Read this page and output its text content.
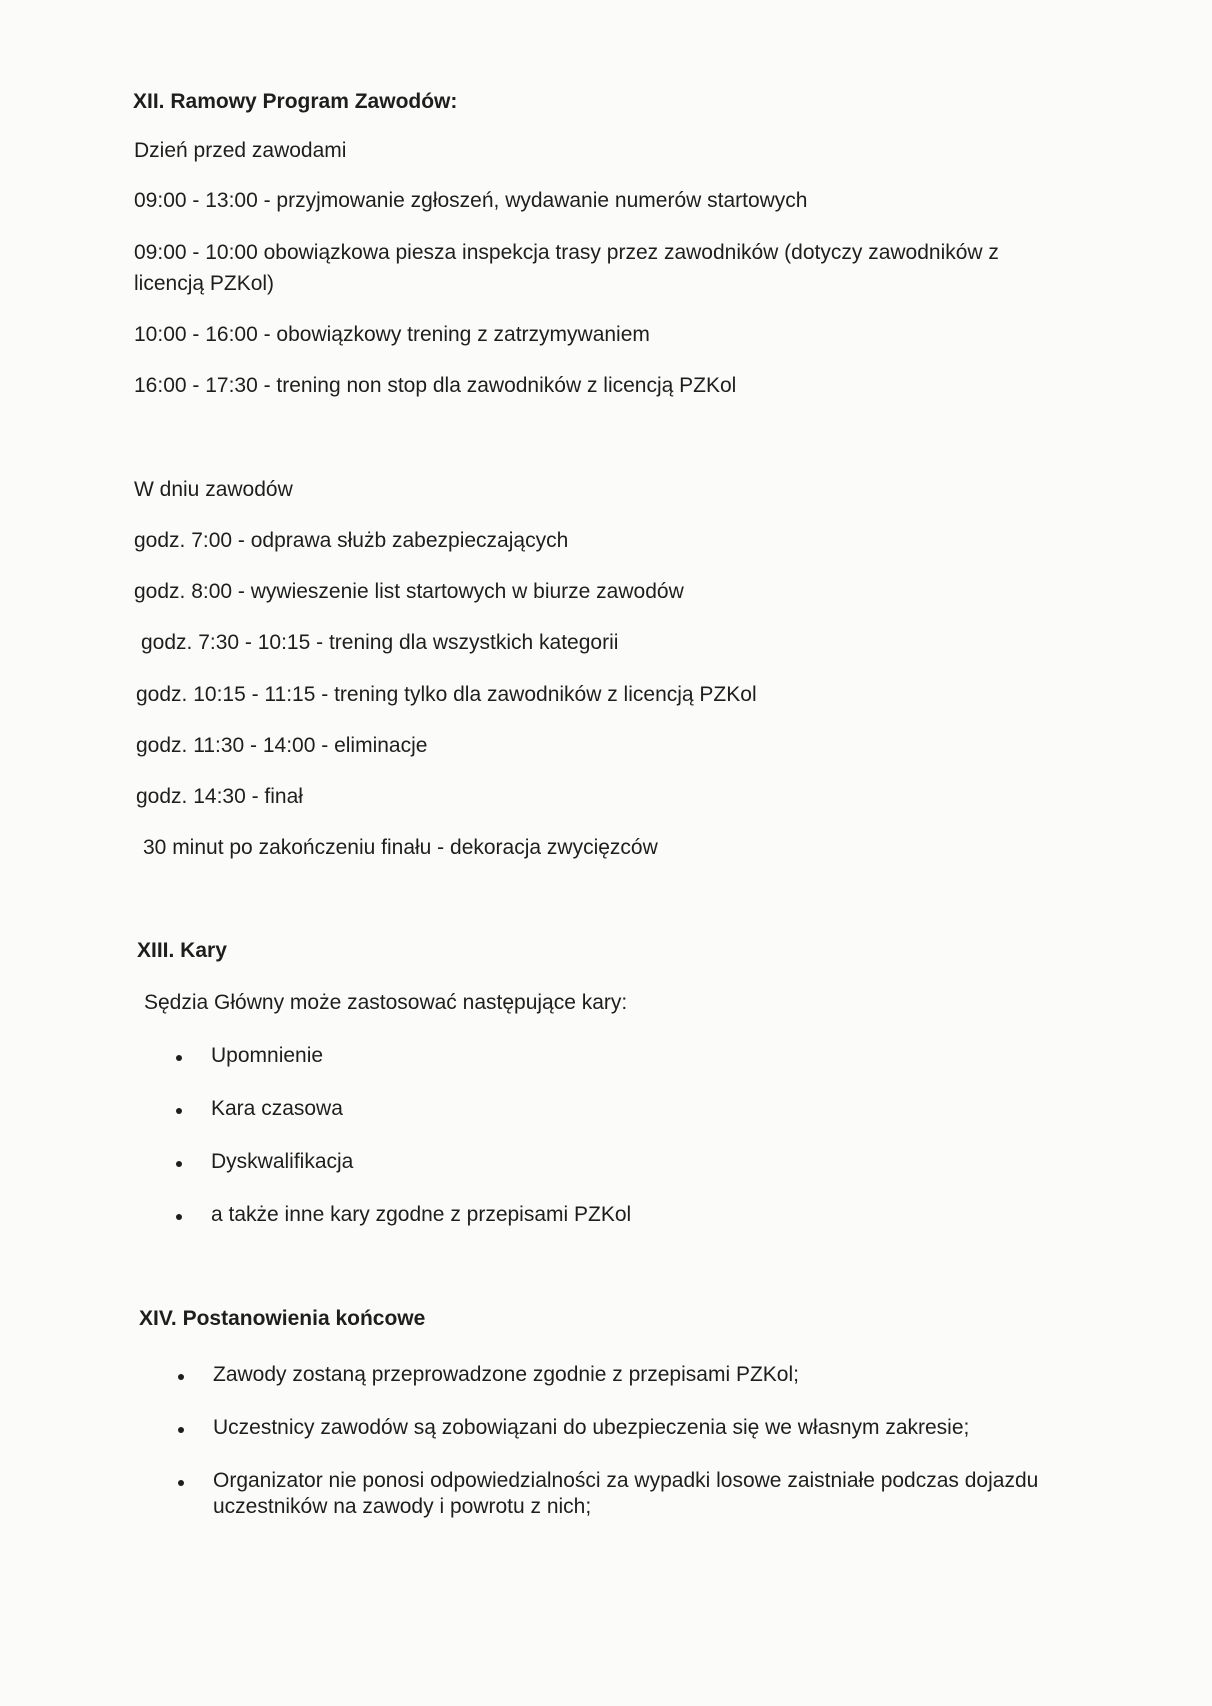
XII. Ramowy Program Zawodów:
Dzień przed zawodami
09:00 - 13:00 - przyjmowanie zgłoszeń, wydawanie numerów startowych
09:00 - 10:00 obowiązkowa piesza inspekcja trasy przez zawodników (dotyczy zawodników z
licencją PZKol)
10:00 - 16:00 - obowiązkowy trening z zatrzymywaniem
16:00 - 17:30 - trening non stop dla zawodników z licencją PZKol
W dniu zawodów
godz. 7:00 - odprawa służb zabezpieczających
godz. 8:00 - wywieszenie list startowych w biurze zawodów
godz. 7:30 - 10:15 - trening dla wszystkich kategorii
godz. 10:15 - 11:15 - trening tylko dla zawodników z licencją PZKol
godz. 11:30 - 14:00 - eliminacje
godz. 14:30 - finał
30 minut po zakończeniu finału - dekoracja zwycięzców
XIII. Kary
Sędzia Główny może zastosować następujące kary:
Upomnienie
Kara czasowa
Dyskwalifikacja
a także inne kary zgodne z przepisami PZKol
XIV. Postanowienia końcowe
Zawody zostaną przeprowadzone zgodnie z przepisami PZKol;
Uczestnicy zawodów są zobowiązani do ubezpieczenia się we własnym zakresie;
Organizator nie ponosi odpowiedzialności za wypadki losowe zaistniałe podczas dojazdu uczestników na zawody i powrotu z nich;
